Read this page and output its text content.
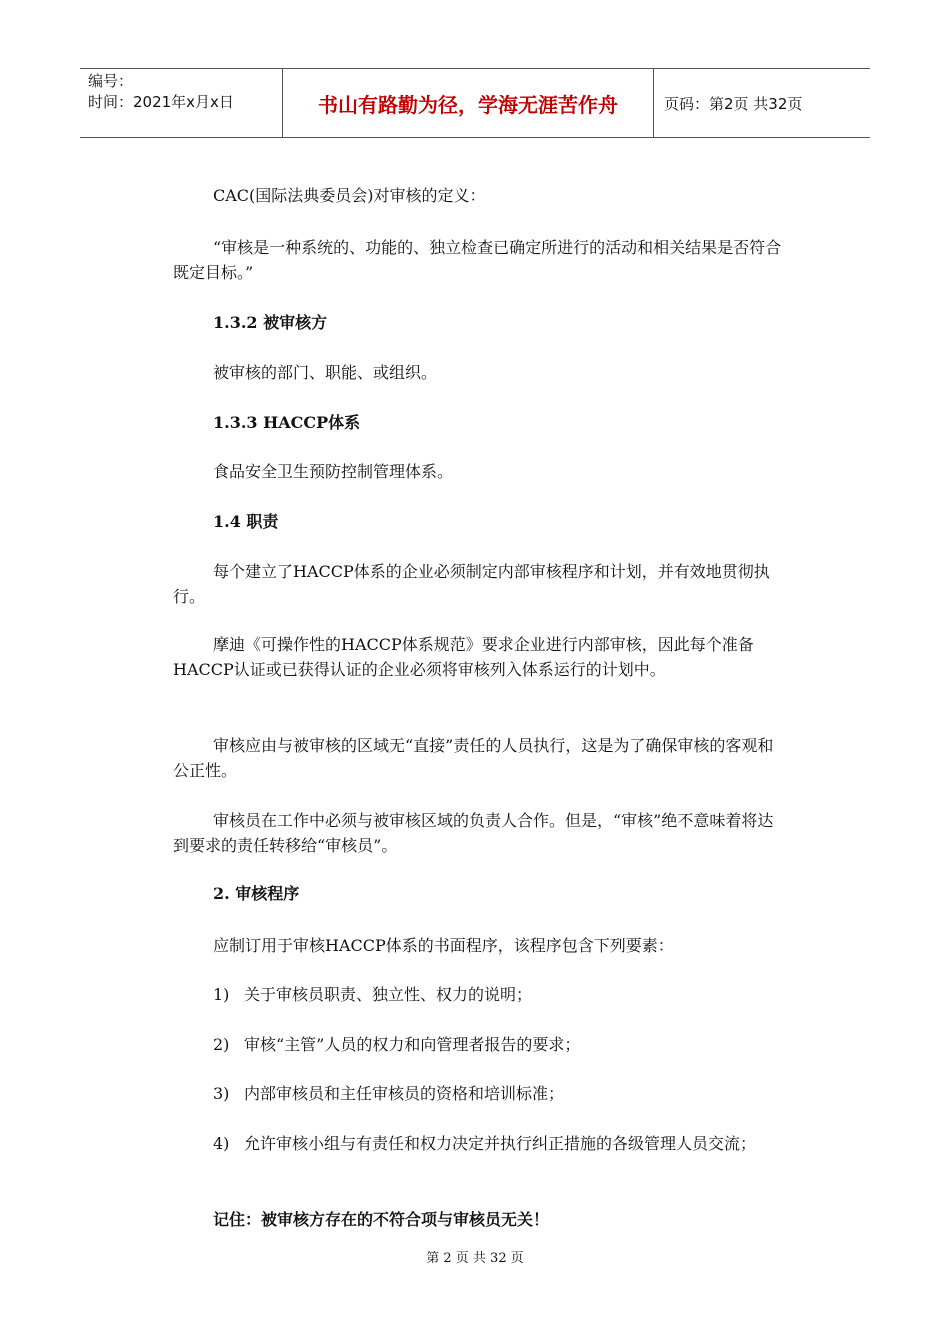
编号：
时间：2021年x月x日	书山有路勤为径，学海无涯苦作舟	页码：第2页 共32页
CAC(国际法典委员会)对审核的定义：
“审核是一种系统的、功能的、独立检查已确定所进行的活动和相关结果是否符合既定目标。”
1.3.2 被审核方
被审核的部门、职能、或组织。
1.3.3 HACCP体系
食品安全卫生预防控制管理体系。
1.4 职责
每个建立了HACCP体系的企业必须制定内部审核程序和计划，并有效地贯彻执行。
摩迪《可操作性的HACCP体系规范》要求企业进行内部审核，因此每个准备HACCP认证或已获得认证的企业必须将审核列入体系运行的计划中。
审核应由与被审核的区域无“直接”责任的人员执行，这是为了确保审核的客观和公正性。
审核员在工作中必须与被审核区域的负责人合作。但是，“审核”绝不意味着将达到要求的责任转移给“审核员”。
2. 审核程序
应制订用于审核HACCP体系的书面程序，该程序包含下列要素：
1) 关于审核员职责、独立性、权力的说明；
2) 审核“主管”人员的权力和向管理者报告的要求；
3) 内部审核员和主任审核员的资格和培训标准；
4) 允许审核小组与有责任和权力决定并执行纠正措施的各级管理人员交流；
记住：被审核方存在的不符合项与审核员无关！
第 2 页 共 32 页
